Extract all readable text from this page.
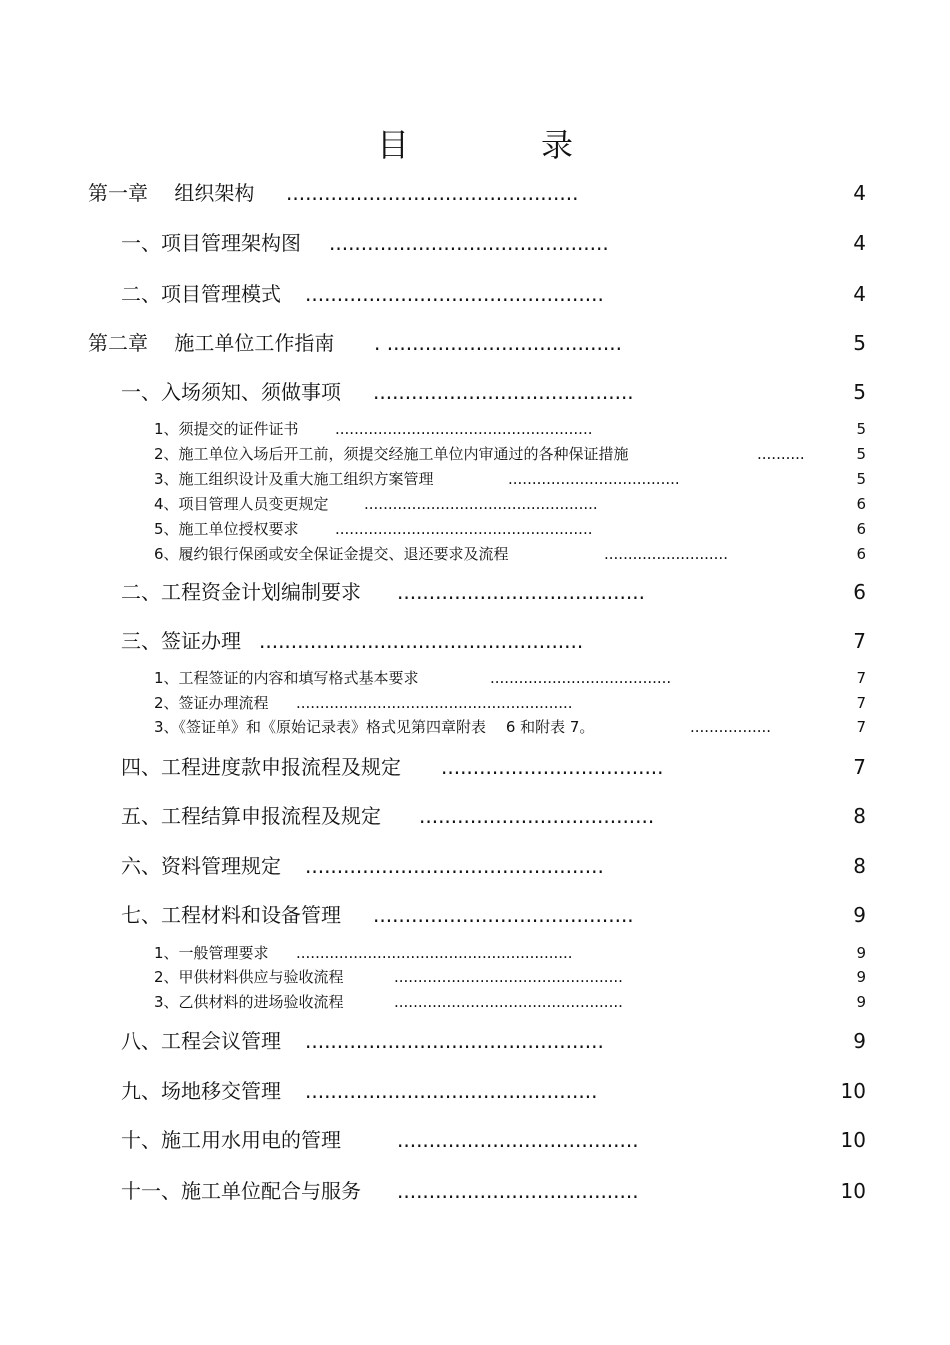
目　录
第一章　 组织架构 ..............................................	4
一、项目管理架构图 ............................................	4
二、项目管理模式 ...............................................	4
第二章　 施工单位工作指南 . .....................................	5
一、入场须知、须做事项 .........................................	5
1、须提交的证件证书 ......................................................	5
2、施工单位入场后开工前，须提交经施工单位内审通过的各种保证措施	..........	5
3、施工组织设计及重大施工组织方案管理	....................................	5
4、项目管理人员变更规定 .................................................	6
5、施工单位授权要求 ......................................................	6
6、履约银行保函或安全保证金提交、退还要求及流程	..........................	6
二、工程资金计划编制要求 .......................................	6
三、签证办理 ...................................................	7
1、工程签证的内容和填写格式基本要求	......................................	7
2、签证办理流程 ..........................................................	7
3、《签证单》和《原始记录表》格式见第四章附表　 6 和附表 7。	.................	7
四、工程进度款申报流程及规定 ...................................	7
五、工程结算申报流程及规定 .....................................	8
六、资料管理规定 ...............................................	8
七、工程材料和设备管理 .........................................	9
1、一般管理要求 ..........................................................	9
2、甲供材料供应与验收流程	................................................	9
3、乙供材料的进场验收流程	................................................	9
八、工程会议管理 ...............................................	9
九、场地移交管理 ..............................................	10
十、施工用水用电的管理	......................................	10
十一、施工单位配合与服务 ......................................	10
